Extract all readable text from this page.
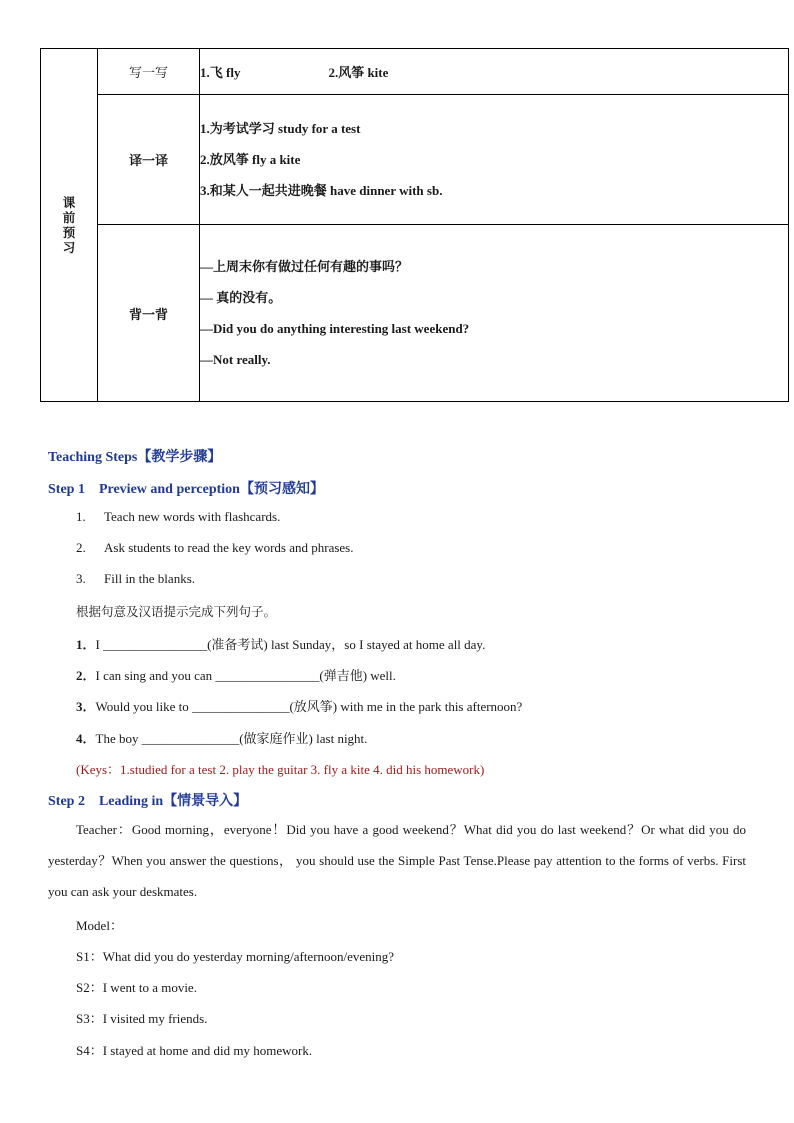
课前预习	写一写	1.飞 fly 2.风筝 kite
	译一译	1.为考试学习 study for a test
2.放风筝 fly a kite
3.和某人一起共进晚餐 have dinner with sb.

	背一背	—上周末你有做过任何有趣的事吗？
— 真的没有。
—Did you do anything interesting last weekend?
—Not really.
Teaching Steps【教学步骤】
Step 1　Preview and perception【预习感知】
1. Teach new words with flashcards.
2. Ask students to read the key words and phrases.
3. Fill in the blanks.
根据句意及汉语提示完成下列句子。
1．I ________________(准备考试) last Sunday，so I stayed at home all day.
2．I can sing and you can ________________(弹吉他) well.
3．Would you like to _______________(放风筝) with me in the park this afternoon?
4．The boy _______________(做家庭作业) last night.
(Keys：1.studied for a test 2. play the guitar 3. fly a kite 4. did his homework)
Step 2　Leading in【情景导入】
Teacher：Good morning，everyone！Did you have a good weekend？What did you do last weekend？Or what did you do yesterday？When you answer the questions， you should use the Simple Past Tense.Please pay attention to the forms of verbs. First you can ask your deskmates.
Model：
S1：What did you do yesterday morning/afternoon/evening?
S2：I went to a movie.
S3：I visited my friends.
S4：I stayed at home and did my homework.
